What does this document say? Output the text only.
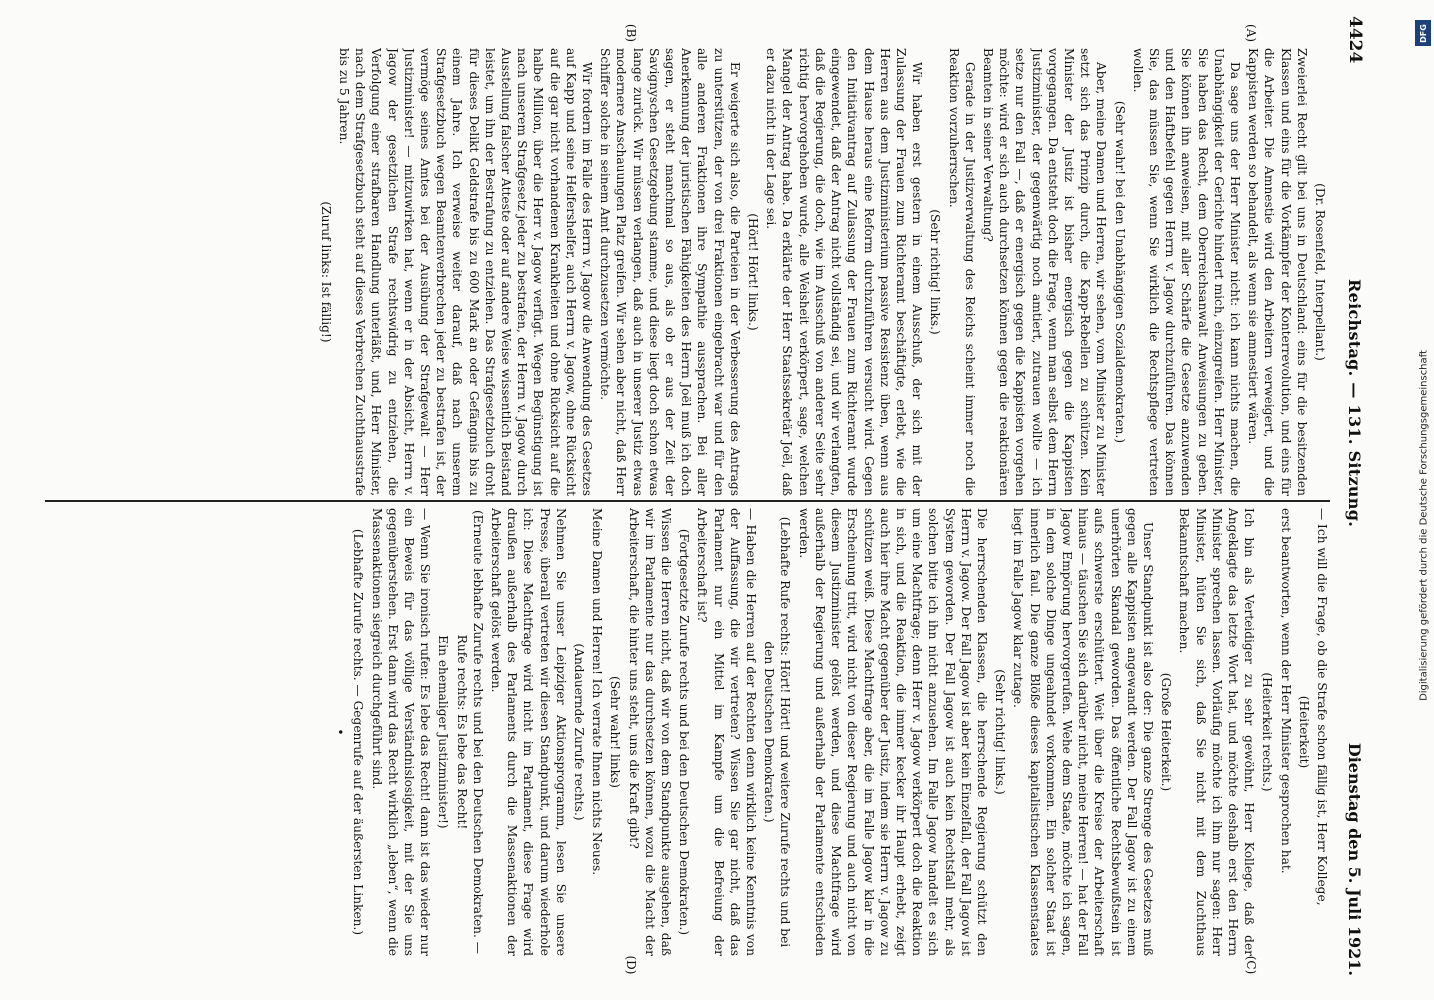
4424
Reichstag. — 131. Sitzung.
Dienstag den 5. Juli 1921.
(A)
(B)
(C)
(D)

(Dr. Rosenfeld, Interpellant.)

Zweierlei Recht gilt bei uns in Deutschland: eins für die besitzenden Klassen und eins für die Vorkämpfer der Konterrevolution, und eins für die Arbeiter. Die Amnestie wird den Arbeitern verweigert, und die Kappisten werden so behandelt, als wenn sie amnestiert wären.

Da sage uns der Herr Minister nicht: ich kann nichts machen, die Unabhängigkeit der Gerichte hindert mich, einzugreifen. Herr Minister, Sie haben das Recht, dem Oberreichsanwalt Anweisungen zu geben. Sie können ihn anweisen, mit aller Schärfe die Gesetze anzuwenden und den Haftbefehl gegen Herrn v. Jagow durchzuführen. Das können Sie, das müssen Sie, wenn Sie wirklich die Rechtspflege vertreten wollen.

(Sehr wahr! bei den Unabhängigen Sozialdemokraten.)

Aber, meine Damen und Herren, wir sehen, vom Minister zu Minister setzt sich das Prinzip durch, die Kapp-Rebellen zu schützen. Kein Minister der Justiz ist bisher energisch gegen die Kappisten vorgegangen. Da entsteht doch die Frage, wenn man selbst dem Herrn Justizminister, der gegenwärtig noch amtiert, zutrauen wollte — ich setze nur den Fall —, daß er energisch gegen die Kappisten vorgehen möchte: wird er sich auch durchsetzen können gegen die reaktionären Beamten in seiner Verwaltung?

Gerade in der Justizverwaltung des Reichs scheint immer noch die Reaktion vorzuherrschen.

(Sehr richtig! links.)

Wir haben erst gestern in einem Ausschuß, der sich mit der Zulassung der Frauen zum Richteramt beschäftigte, erlebt, wie die Herren aus dem Justizministerium passive Resistenz üben, wenn aus dem Hause heraus eine Reform durchzuführen versucht wird. Gegen den Initiativantrag auf Zulassung der Frauen zum Richteramt wurde eingewendet, daß der Antrag nicht vollständig sei, und wir verlangten, daß die Regierung, die doch, wie im Ausschuß von anderer Seite sehr richtig hervorgehoben wurde, alle Weisheit verkörpert, sage, welchen Mangel der Antrag habe. Da erklärte der Herr Staatssekretär Joël, daß er dazu nicht in der Lage sei.

(Hört! Hört! links.)

Er weigerte sich also, die Parteien in der Verbesserung des Antrags zu unterstützen, der von drei Fraktionen eingebracht war und für den alle anderen Fraktionen ihre Sympathie aussprachen. Bei aller Anerkennung der juristischen Fähigkeiten des Herrn Joël muß ich doch sagen, er steht manchmal so aus, als ob er aus der Zeit der Savignyschen Gesetzgebung stamme, und diese liegt doch schon etwas lange zurück. Wir müssen verlangen, daß auch in unserer Justiz etwas modernere Anschauungen Platz greifen. Wir sehen aber nicht, daß Herr Schiffer solche in seinem Amt durchzusetzen vermöchte.

Wir fordern im Falle des Herrn v. Jagow die Anwendung des Gesetzes auf Kapp und seine Helfershelfer, auch Herrn v. Jagow, ohne Rücksicht auf die gar nicht vorhandenen Krankheiten und ohne Rücksicht auf die halbe Million, über die Herr v. Jagow verfügt. Wegen Begünstigung ist nach unserem Strafgesetz jeder zu bestrafen, der Herrn v. Jagow durch Ausstellung falscher Atteste oder auf andere Weise wissentlich Beistand leistet, um ihn der Bestrafung zu entziehen. Das Strafgesetzbuch droht für dieses Delikt Geldstrafe bis zu 600 Mark an oder Gefängnis bis zu einem Jahre. Ich verweise weiter darauf, daß nach unserem Strafgesetzbuch wegen Beamtenverbrechen jeder zu bestrafen ist, der vermöge seines Amtes bei der Ausübung der Strafgewalt — Herr Justizminister! — mitzuwirken hat, wenn er in der Absicht, Herrn v. Jagow der gesetzlichen Strafe rechtswidrig zu entziehen, die Verfolgung einer strafbaren Handlung unterläßt, und, Herr Minister, nach dem Strafgesetzbuch steht auf dieses Verbrechen Zuchthausstrafe bis zu 5 Jahren.

(Zuruf links: Ist fällig!)

— Ich will die Frage, ob die Strafe schon fällig ist, Herr Kollege,

(Heiterkeit)

erst beantworten, wenn der Herr Minister gesprochen hat.

(Heiterkeit rechts.)

Ich bin als Verteidiger zu sehr gewöhnt, Herr Kollege, daß der Angeklagte das letzte Wort hat, und möchte deshalb erst den Herrn Minister sprechen lassen. Vorläufig möchte ich ihm nur sagen: Herr Minister, hüten Sie sich, daß Sie nicht mit dem Zuchthaus Bekanntschaft machen.

(Große Heiterkeit.)

Unser Standpunkt ist also der: Die ganze Strenge des Gesetzes muß gegen alle Kappisten angewandt werden. Der Fall Jagow ist zu einem unerhörten Skandal geworden. Das öffentliche Rechtsbewußtsein ist aufs schwerste erschüttert. Weit über die Kreise der Arbeiterschaft hinaus — täuschen Sie sich darüber nicht, meine Herren! — hat der Fall Jagow Empörung hervorgerufen. Wehe dem Staate, möchte ich sagen, in dem solche Dinge ungeahndet vorkommen. Ein solcher Staat ist innerlich faul. Die ganze Blöße dieses kapitalistischen Klassenstaates liegt im Falle Jagow klar zutage.

(Sehr richtig! links.)

Die herrschenden Klassen, die herrschende Regierung schützt den Herrn v. Jagow. Der Fall Jagow ist aber kein Einzelfall, der Fall Jagow ist System geworden. Der Fall Jagow ist auch kein Rechtsfall mehr, als solchen bitte ich ihn nicht anzusehen. Im Falle Jagow handelt es sich um eine Machtfrage; denn Herr v. Jagow verkörpert doch die Reaktion in sich, und die Reaktion, die immer kecker ihr Haupt erhebt, zeigt auch hier ihre Macht gegenüber der Justiz, indem sie Herrn v. Jagow zu schützen weiß. Diese Machtfrage aber, die im Falle Jagow klar in die Erscheinung tritt, wird nicht von dieser Regierung und auch nicht von diesem Justizminister gelöst werden, und diese Machtfrage wird außerhalb der Regierung und außerhalb der Parlamente entschieden werden.

(Lebhafte Rufe rechts: Hört! Hört! und weitere Zurufe rechts und bei den Deutschen Demokraten.)

— Haben die Herren auf der Rechten denn wirklich keine Kenntnis von der Auffassung, die wir vertreten? Wissen Sie gar nicht, daß das Parlament nur ein Mittel im Kampfe um die Befreiung der Arbeiterschaft ist?

(Fortgesetzte Zurufe rechts und bei den Deutschen Demokraten.)

Wissen die Herren nicht, daß wir von dem Standpunkte ausgehen, daß wir im Parlamente nur das durchsetzen können, wozu die Macht der Arbeiterschaft, die hinter uns steht, uns die Kraft gibt?

(Sehr wahr! links)

Meine Damen und Herren! Ich verrate Ihnen nichts Neues.

(Andauernde Zurufe rechts.)

Nehmen Sie unser Leipziger Aktionsprogramm, lesen Sie unsere Presse, überall vertreten wir diesen Standpunkt, und darum wiederhole ich: Diese Machtfrage wird nicht im Parlament, diese Frage wird draußen außerhalb des Parlaments durch die Massenaktionen der Arbeiterschaft gelöst werden.

(Erneute lebhafte Zurufe rechts und bei den Deutschen Demokraten. — Rufe rechts: Es lebe das Recht!

Ein ehemaliger Justizminister!)

— Wenn Sie ironisch rufen: Es lebe das Recht! dann ist das wieder nur ein Beweis für das völlige Verständnislosigkeit, mit der Sie uns gegenüberstehen. Erst dann wird das Recht wirklich „leben“, wenn die Massenaktionen siegreich durchgeführt sind.

(Lebhafte Zurufe rechts. — Gegenrufe auf der äußersten Linken.)

•

DFG
Digitalisierung gefördert durch die Deutsche Forschungsgemeinschaft
